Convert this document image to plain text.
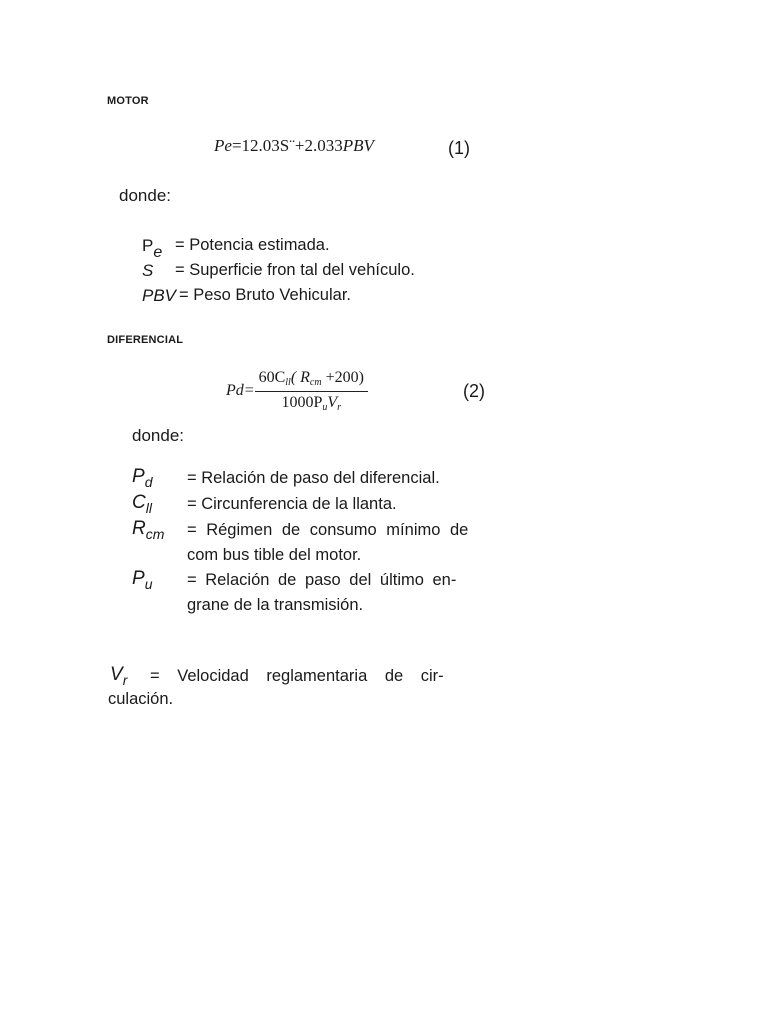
MOTOR
Pe=12.03S¨+2.033PBV	(1)
donde:
$P_e$ = Potencia estimada.
S = Superficie fron tal del vehículo.
PBV = Peso Bruto Vehicular.
DIFERENCIAL
$Pd= \frac{\text{60Cll( Rcm +200)}}{\text{1000PuVr}}$	(2)
donde:
$P_d$ = Relación de paso del diferencial.
$C_{ll}$ = Circunferencia de la llanta.
$R_{cm}$ = Régimen de consumo mínimo de
com bus tible del motor.
$P_u$ = Relación de paso del último en-
grane de la transmisión.
$V_r$ = Velocidad reglamentaria de cir-
culación.
